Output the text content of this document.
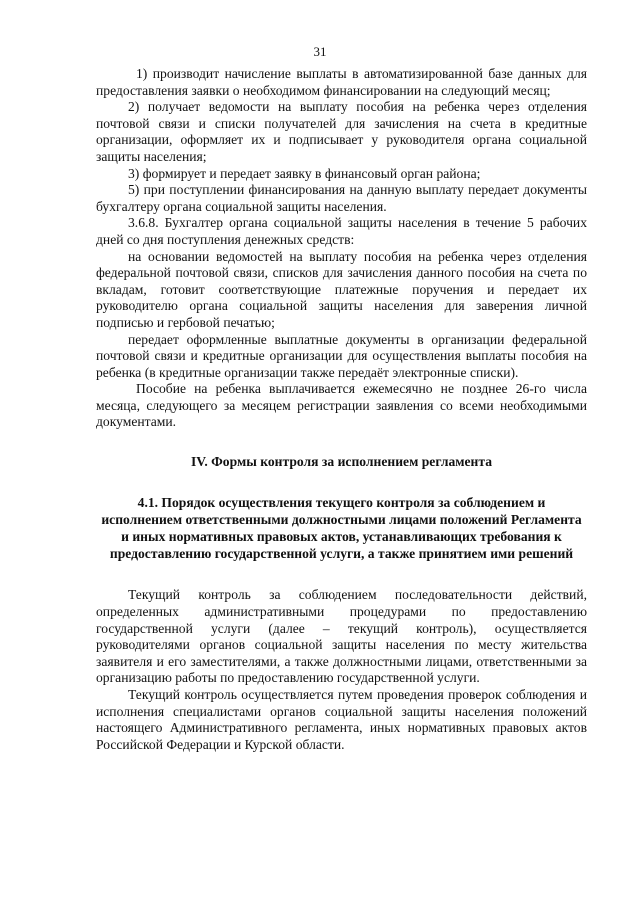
31

1) производит начисление выплаты в автоматизированной базе данных для предоставления заявки о необходимом финансировании на следующий месяц;

2) получает ведомости на выплату пособия на ребенка через отделения почтовой связи и списки получателей для зачисления на счета в кредитные организации, оформляет их и подписывает у руководителя органа социальной защиты населения;

3) формирует и передает заявку в финансовый орган района;

5) при поступлении финансирования на данную выплату передает документы бухгалтеру органа социальной защиты населения.

3.6.8. Бухгалтер органа социальной защиты населения в течение 5 рабочих дней со дня поступления денежных средств:

на основании ведомостей на выплату пособия на ребенка через отделения федеральной почтовой связи, списков для зачисления данного пособия на счета по вкладам, готовит соответствующие платежные поручения и передает их руководителю органа социальной защиты населения для заверения личной подписью и гербовой печатью;

передает оформленные выплатные документы в организации федеральной почтовой связи и кредитные организации для осуществления выплаты пособия на ребенка (в кредитные организации также передаёт электронные списки).

Пособие на ребенка выплачивается ежемесячно не позднее 26-го числа месяца, следующего за месяцем регистрации заявления со всеми необходимыми документами.

IV. Формы контроля за исполнением регламента

4.1. Порядок осуществления текущего контроля за соблюдением и исполнением ответственными должностными лицами положений Регламента и иных нормативных правовых актов, устанавливающих требования к предоставлению государственной услуги, а также принятием ими решений

Текущий контроль за соблюдением последовательности действий, определенных административными процедурами по предоставлению государственной услуги (далее – текущий контроль), осуществляется руководителями органов социальной защиты населения по месту жительства заявителя и его заместителями, а также должностными лицами, ответственными за организацию работы по предоставлению государственной услуги.

Текущий контроль осуществляется путем проведения проверок соблюдения и исполнения специалистами органов социальной защиты населения положений настоящего Административного регламента, иных нормативных правовых актов Российской Федерации и Курской области.
